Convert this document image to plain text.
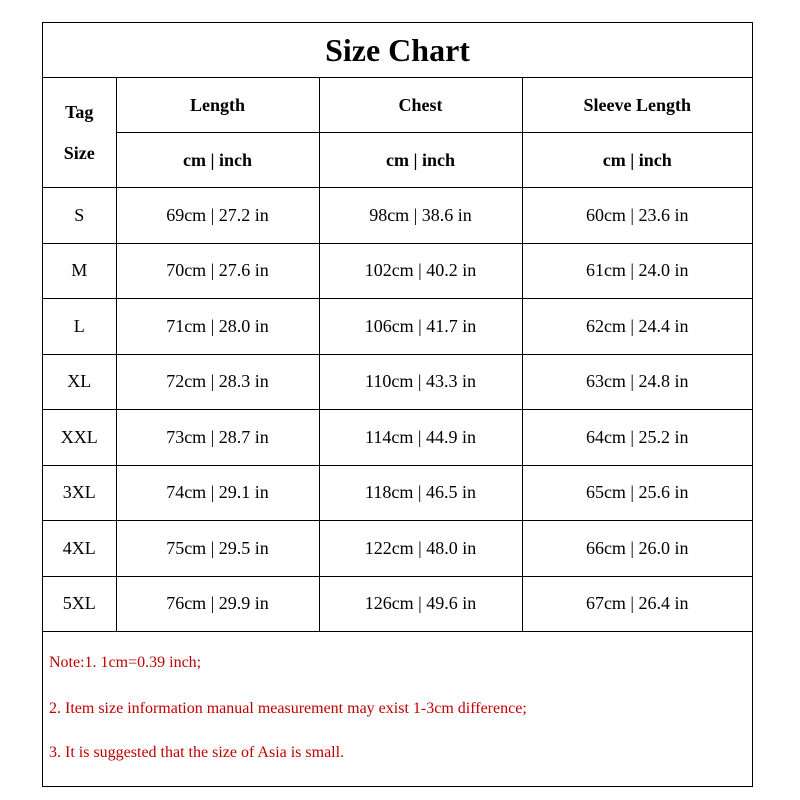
Size Chart
Tag
Size	Length	Chest	Sleeve Length
	cm | inch	cm | inch	cm | inch
S	69cm | 27.2 in	98cm | 38.6 in	60cm | 23.6 in
M	70cm | 27.6 in	102cm | 40.2 in	61cm | 24.0 in
L	71cm | 28.0 in	106cm | 41.7 in	62cm | 24.4 in
XL	72cm | 28.3 in	110cm | 43.3 in	63cm | 24.8 in
XXL	73cm | 28.7 in	114cm | 44.9 in	64cm | 25.2 in
3XL	74cm | 29.1 in	118cm | 46.5 in	65cm | 25.6 in
4XL	75cm | 29.5 in	122cm | 48.0 in	66cm | 26.0 in
5XL	76cm | 29.9 in	126cm | 49.6 in	67cm | 26.4 in
Note:1. 1cm=0.39 inch;
2. Item size information manual measurement may exist 1-3cm difference;
3. It is suggested that the size of Asia is small.
